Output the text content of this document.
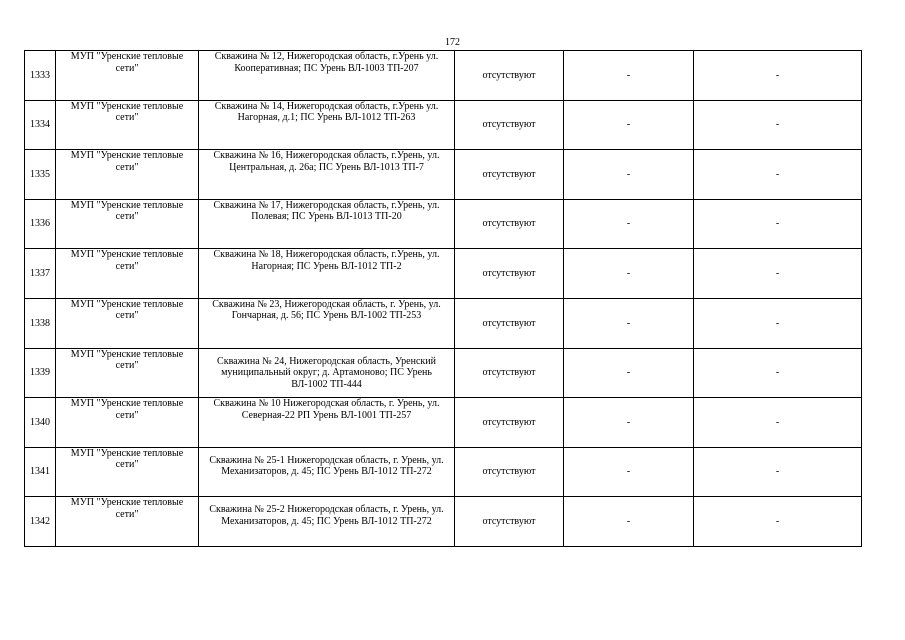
172
1333	МУП "Уренские тепловые сети"	Скважина № 12, Нижегородская область, г.Урень ул. Кооперативная; ПС Урень ВЛ-1003 ТП-207	отсутствуют	-	-
1334	МУП "Уренские тепловые сети"	Скважина № 14, Нижегородская область, г.Урень ул. Нагорная, д.1; ПС Урень ВЛ-1012 ТП-263	отсутствуют	-	-
1335	МУП "Уренские тепловые сети"	Скважина № 16, Нижегородская область, г.Урень, ул. Центральная, д. 26а; ПС Урень ВЛ-1013 ТП-7	отсутствуют	-	-
1336	МУП "Уренские тепловые сети"	Скважина № 17, Нижегородская область, г.Урень, ул. Полевая; ПС Урень ВЛ-1013 ТП-20	отсутствуют	-	-
1337	МУП "Уренские тепловые сети"	Скважина № 18, Нижегородская область, г.Урень, ул. Нагорная; ПС Урень ВЛ-1012 ТП-2	отсутствуют	-	-
1338	МУП "Уренские тепловые сети"	Скважина № 23, Нижегородская область, г. Урень, ул. Гончарная, д. 56; ПС Урень ВЛ-1002 ТП-253	отсутствуют	-	-
1339	МУП "Уренские тепловые сети"	Скважина № 24, Нижегородская область, Уренский муниципальный округ; д. Артамоново; ПС Урень ВЛ-1002 ТП-444	отсутствуют	-	-
1340	МУП "Уренские тепловые сети"	Скважина № 10 Нижегородская область, г. Урень, ул. Северная-22 РП Урень ВЛ-1001 ТП-257	отсутствуют	-	-
1341	МУП "Уренские тепловые сети"	Скважина № 25-1 Нижегородская область, г. Урень, ул. Механизаторов, д. 45; ПС Урень ВЛ-1012 ТП-272	отсутствуют	-	-
1342	МУП "Уренские тепловые сети"	Скважина № 25-2 Нижегородская область, г. Урень, ул. Механизаторов, д. 45; ПС Урень ВЛ-1012 ТП-272	отсутствуют	-	-
